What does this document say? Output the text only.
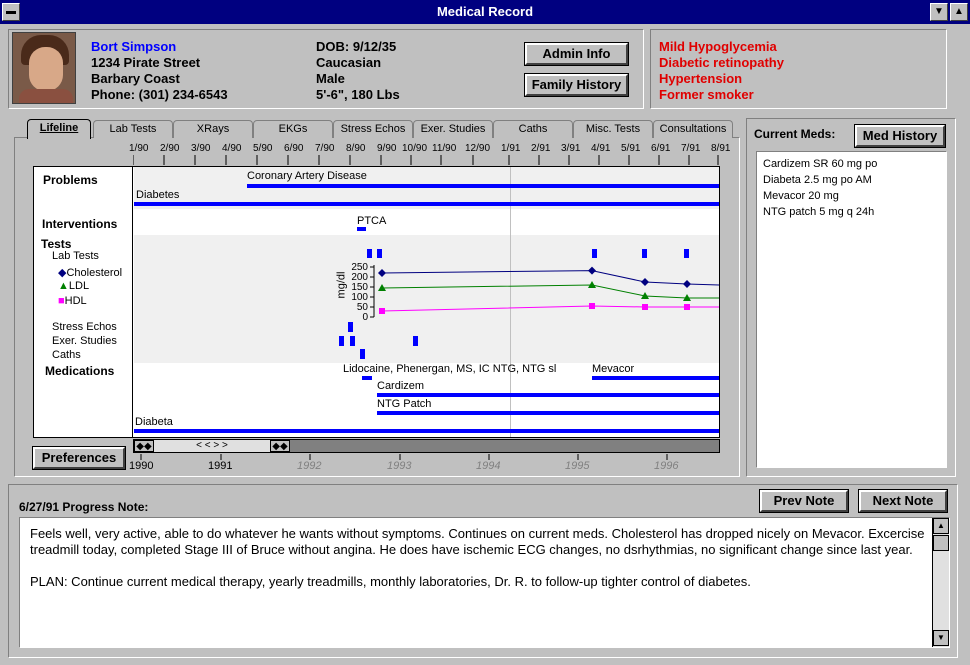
Medical Record
▬	▼	▲
Bort Simpson
1234 Pirate Street
Barbary Coast
Phone: (301) 234-6543
DOB: 9/12/35
Caucasian
Male
5'-6", 180 Lbs
Admin Info
Family History
Mild Hypoglycemia
Diabetic retinopathy
Hypertension
Former smoker
Lifeline	Lab Tests	XRays	EKGs	Stress Echos	Exer. Studies	Caths	Misc. Tests	Consultations
1/90 2/90 3/90 4/90 5/90 6/90 7/90 8/90 9/90 10/90 11/90 12/90 1/91 2/91 3/91 4/91 5/91 6/91 7/91 8/91
Problems
Interventions
Tests
Lab Tests
◆Cholesterol
▲LDL
■HDL
Stress Echos
Exer. Studies
Caths
Medications
Coronary Artery Disease
Diabetes
PTCA
250
200
150
100
50
0
mg/dl
Lidocaine, Phenergan, MS, IC NTG, NTG sl	Mevacor
Cardizem
NTG Patch
Diabeta
◆◆	< < > >	◆◆
1990	1991	1992	1993	1994	1995	1996
Preferences
Current Meds:	Med History
Cardizem SR 60 mg po
Diabeta 2.5 mg po AM
Mevacor 20 mg
NTG patch 5 mg q 24h
6/27/91 Progress Note:	Prev Note	Next Note

Feels well, very active, able to do whatever he wants without symptoms. Continues on current meds. Cholesterol has dropped nicely on Mevacor. Excercise treadmill today, completed Stage III of Bruce without angina. He does have ischemic ECG changes, no dsrhythmias, no significant change since last year.

PLAN: Continue current medical therapy, yearly treadmills, monthly laboratories, Dr. R. to follow-up tighter control of diabetes.

▲
▼
